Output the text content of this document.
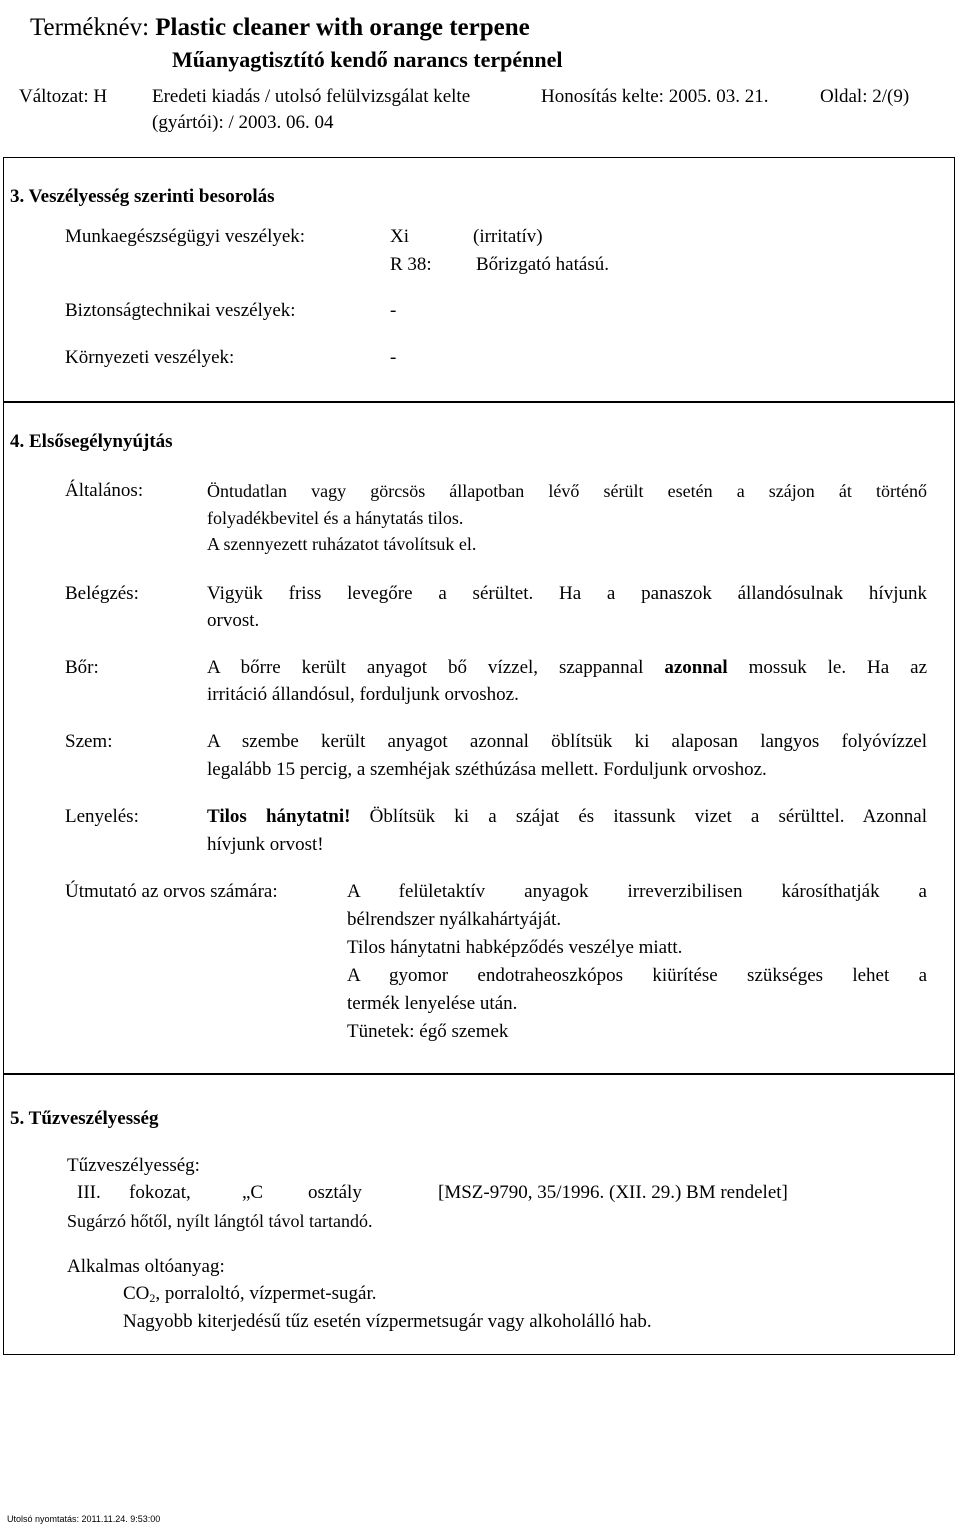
Terméknév: Plastic cleaner with orange terpene
Műanyagtisztító kendő narancs terpénnel
Változat: H Eredeti kiadás / utolsó felülvizsgálat kelte	Honosítás kelte: 2005. 03. 21.	Oldal: 2/(9)
(gyártói): / 2003. 06. 04
3. Veszélyesség szerinti besorolás
Munkaegészségügyi veszélyek:	Xi	(irritatív)
R 38: Bőrizgató hatású.
Biztonságtechnikai veszélyek:	-
Környezeti veszélyek:	-
4. Elsősegélynyújtás
Általános:	Öntudatlan vagy görcsös állapotban lévő sérült esetén a szájon át történő
folyadékbevitel és a hánytatás tilos.
A szennyezett ruházatot távolítsuk el.
Belégzés:	Vigyük friss levegőre a sérültet. Ha a panaszok állandósulnak hívjunk
orvost.
Bőr:	A bőrre került anyagot bő vízzel, szappannal azonnal mossuk le. Ha az
irritáció állandósul, forduljunk orvoshoz.
Szem:	A szembe került anyagot azonnal öblítsük ki alaposan langyos folyóvízzel
legalább 15 percig, a szemhéjak széthúzása mellett. Forduljunk orvoshoz.
Lenyelés:	Tilos hánytatni! Öblítsük ki a szájat és itassunk vizet a sérülttel. Azonnal
hívjunk orvost!
Útmutató az orvos számára:	A felületaktív anyagok irreverzibilisen károsíthatják a
bélrendszer nyálkahártyáját.
Tilos hánytatni habképződés veszélye miatt.
A gyomor endotraheoszkópos kiürítése szükséges lehet a
termék lenyelése után.
Tünetek: égő szemek
5. Tűzveszélyesség
Tűzveszélyesség:
III. fokozat,	„C osztály	[MSZ-9790, 35/1996. (XII. 29.) BM rendelet]
Sugárzó hőtől, nyílt lángtól távol tartandó.
Alkalmas oltóanyag:
$CO_2$, porraloltó, vízpermet-sugár.
Nagyobb kiterjedésű tűz esetén vízpermetsugár vagy alkoholálló hab.
Utolsó nyomtatás: 2011.11.24. 9:53:00
